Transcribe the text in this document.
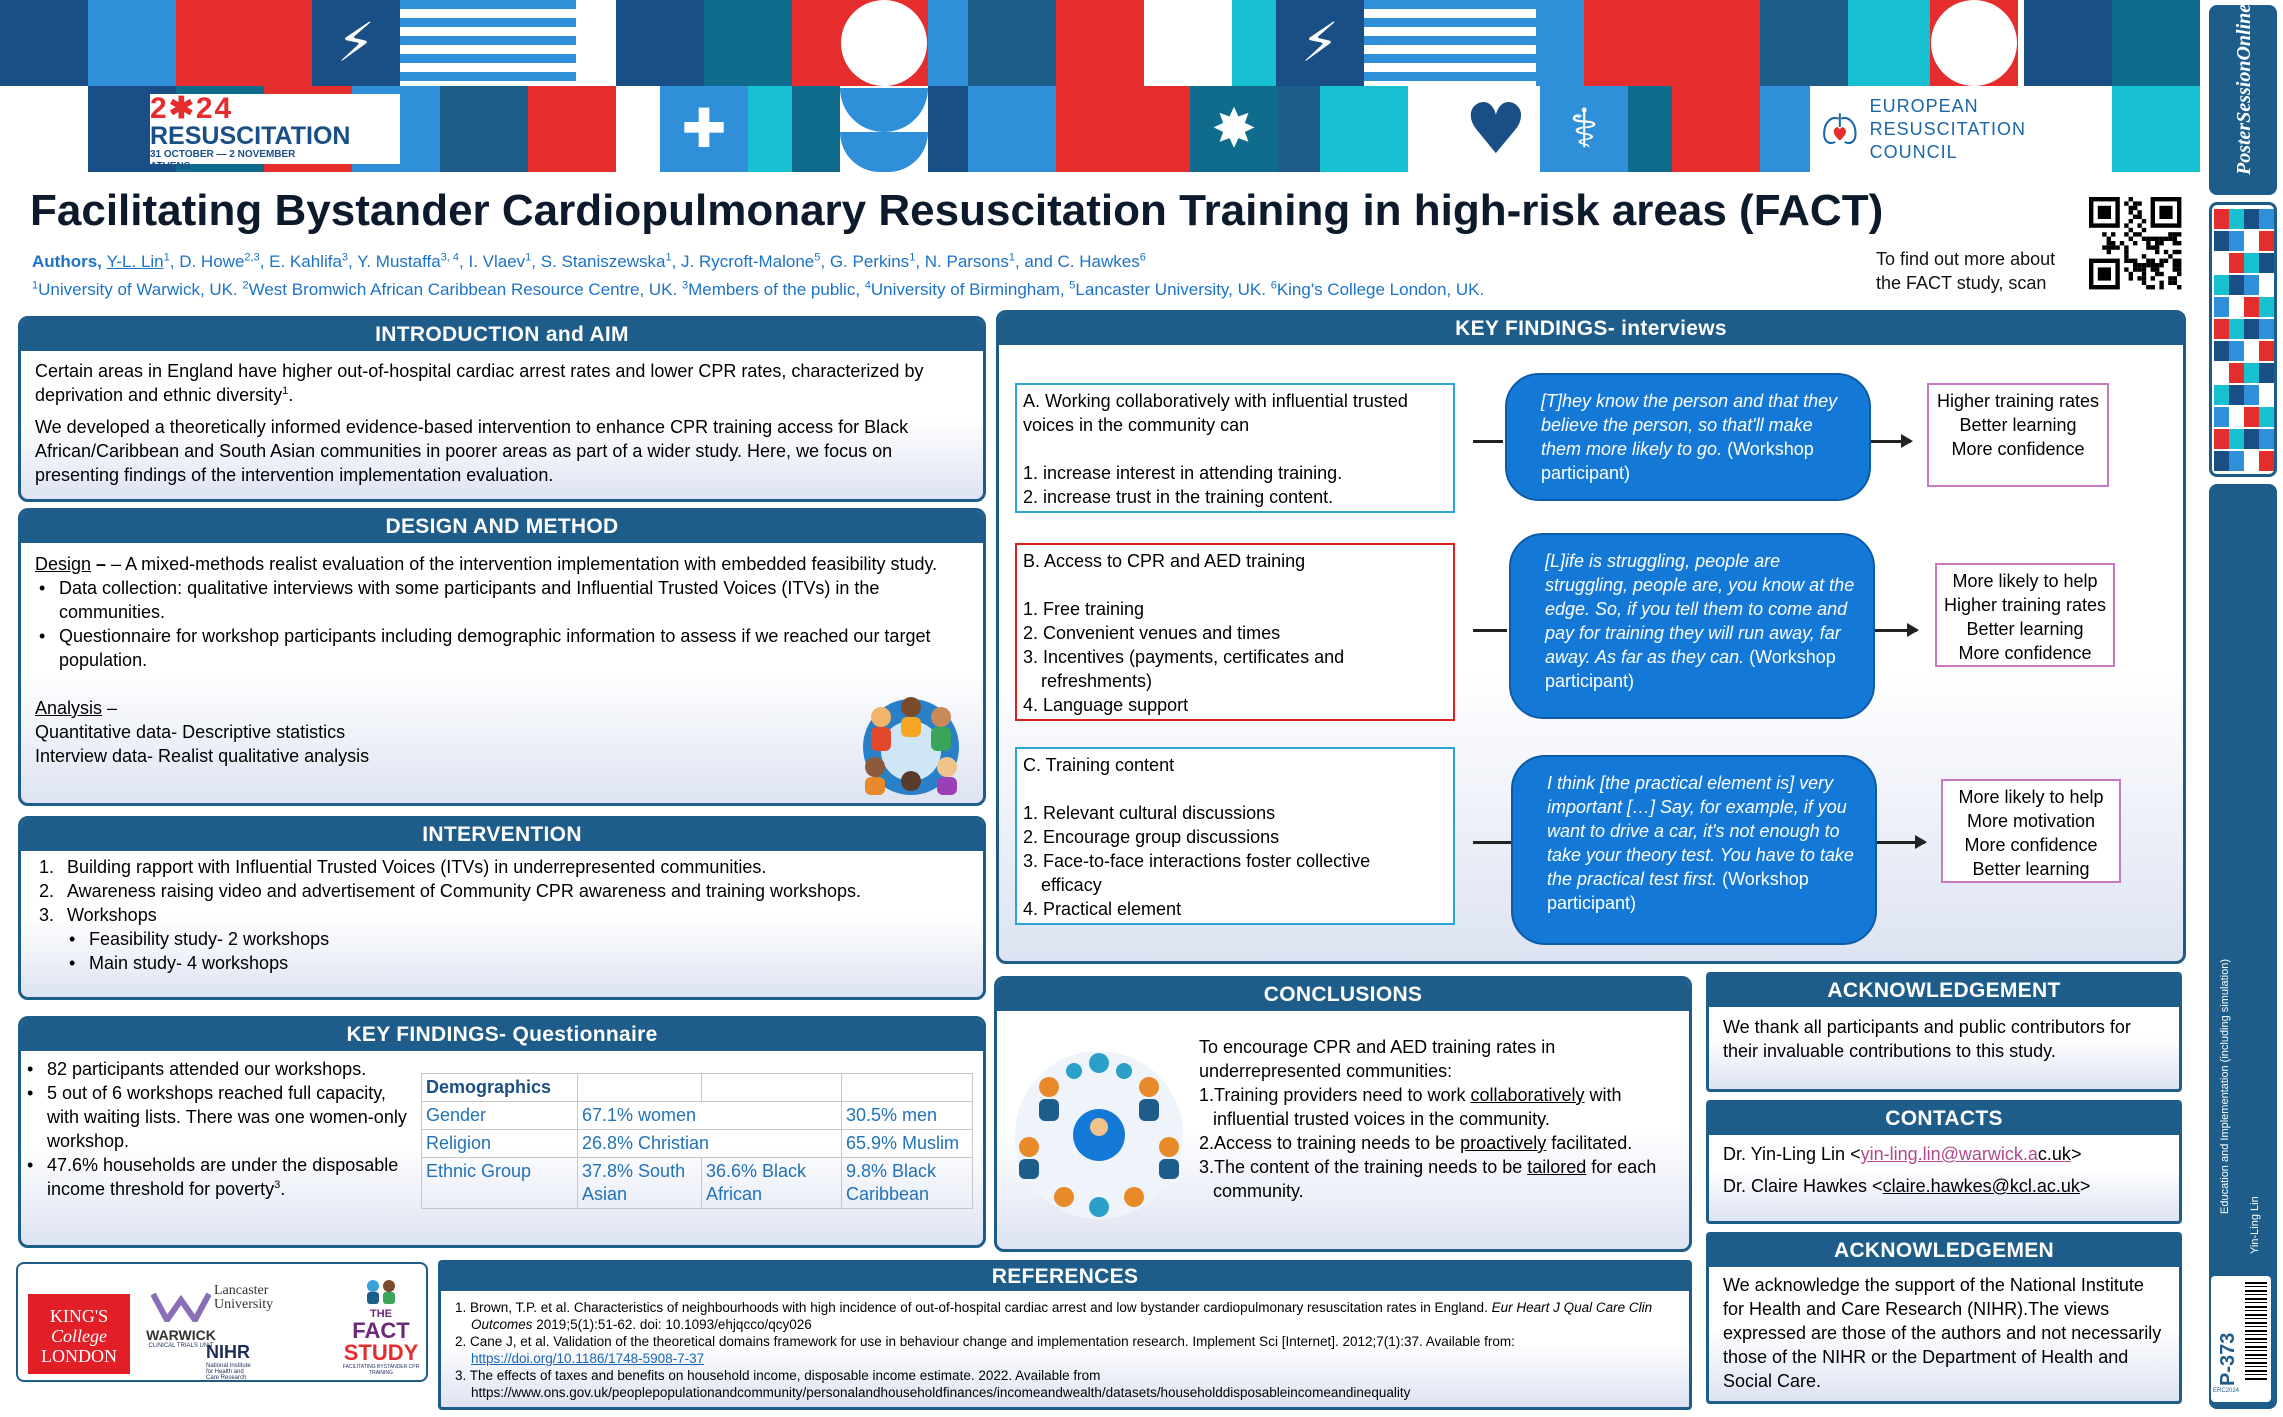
⚡	⚡
✚	✸	♥ ⚕
2✱24
RESUSCITATION
31 OCTOBER — 2 NOVEMBER
ATHENS
EUROPEAN
RESUSCITATION
COUNCIL
Facilitating Bystander Cardiopulmonary Resuscitation Training in high-risk areas (FACT)
Authors, Y-L. Lin$^1$, D. Howe$^{2,3}$, E. Kahlifa$^3$, Y. Mustaffa$^{3, 4}$, I. Vlaev$^1$, S. Staniszewska$^1$, J. Rycroft-Malone$^5$, G. Perkins$^1$, N. Parsons$^1$, and C. Hawkes$^6$
$^1$University of Warwick, UK. $^2$West Bromwich African Caribbean Resource Centre, UK. $^3$Members of the public, $^4$University of Birmingham, $^5$Lancaster University, UK. $^6$King's College London, UK.
To find out more about
the FACT study, scan
INTRODUCTION and AIM

Certain areas in England have higher out-of-hospital cardiac arrest rates and lower CPR rates, characterized by deprivation and ethnic diversity$^1$.

We developed a theoretically informed evidence-based intervention to enhance CPR training access for Black African/Caribbean and South Asian communities in poorer areas as part of a wider study. Here, we focus on presenting findings of the intervention implementation evaluation.

DESIGN AND METHOD
Design – – A mixed-methods realist evaluation of the intervention implementation with embedded feasibility study.
• Data collection: qualitative interviews with some participants and Influential Trusted Voices (ITVs) in the communities.
• Questionnaire for workshop participants including demographic information to assess if we reached our target population.
Analysis –
Quantitative data- Descriptive statistics
Interview data- Realist qualitative analysis
INTERVENTION
1. Building rapport with Influential Trusted Voices (ITVs) in underrepresented communities.
2. Awareness raising video and advertisement of Community CPR awareness and training workshops.
3. Workshops
• Feasibility study- 2 workshops
• Main study- 4 workshops
KEY FINDINGS- Questionnaire
• 82 participants attended our workshops.
• 5 out of 6 workshops reached full capacity, with waiting lists. There was one women-only workshop.
• 47.6% households are under the disposable income threshold for poverty$^3$.
Demographics			
Gender	67.1% women		30.5% men
Religion	26.8% Christian		65.9% Muslim
Ethnic Group	37.8% South Asian	36.6% Black African	9.8% Black Caribbean
KEY FINDINGS- interviews
A. Working collaboratively with influential trusted voices in the community can
1. increase interest in attending training.
2. increase trust in the training content.
[T]hey know the person and that they believe the person, so that'll make them more likely to go. (Workshop participant)
Higher training rates
Better learning
More confidence
B. Access to CPR and AED training
1. Free training
2. Convenient venues and times
3. Incentives (payments, certificates and
refreshments)
4. Language support
[L]ife is struggling, people are struggling, people are, you know at the edge. So, if you tell them to come and pay for training they will run away, far away. As far as they can. (Workshop participant)
More likely to help
Higher training rates
Better learning
More confidence
C. Training content
1. Relevant cultural discussions
2. Encourage group discussions
3. Face-to-face interactions foster collective
efficacy
4. Practical element
I think [the practical element is] very important […] Say, for example, if you want to drive a car, it's not enough to take your theory test. You have to take the practical test first. (Workshop participant)
More likely to help
More motivation
More confidence
Better learning
CONCLUSIONS
To encourage CPR and AED training rates in underrepresented communities:
1.Training providers need to work collaboratively with influential trusted voices in the community.
2.Access to training needs to be proactively facilitated.
3.The content of the training needs to be tailored for each community.
ACKNOWLEDGEMENT
We thank all participants and public contributors for their invaluable contributions to this study.
CONTACTS
Dr. Yin-Ling Lin <yin-ling.lin@warwick.ac.uk>
Dr. Claire Hawkes <claire.hawkes@kcl.ac.uk>
ACKNOWLEDGEMEN
We acknowledge the support of the National Institute for Health and Care Research (NIHR).The views expressed are those of the authors and not necessarily those of the NIHR or the Department of Health and Social Care.
REFERENCES
1. Brown, T.P. et al. Characteristics of neighbourhoods with high incidence of out-of-hospital cardiac arrest and low bystander cardiopulmonary resuscitation rates in England. Eur Heart J Qual Care Clin Outcomes 2019;5(1):51-62. doi: 10.1093/ehjqcco/qcy026
2. Cane J, et al. Validation of the theoretical domains framework for use in behaviour change and implementation research. Implement Sci [Internet]. 2012;7(1):37. Available from:
https://doi.org/10.1186/1748-5908-7-37
3. The effects of taxes and benefits on household income, disposable income estimate. 2022. Available from
https://www.ons.gov.uk/peoplepopulationandcommunity/personalandhouseholdfinances/incomeandwealth/datasets/householddisposableincomeandinequality
KING'S
College
LONDON
WARWICK
CLINICAL TRIALS UNIT
Lancaster
University
NIHR National Institute for Health and Care Research
THE
FACT
STUDY
FACILITATING BYSTANDER CPR TRAINING
PosterSessionOnline
Education and Implementation (including simulation)
Yin-Ling Lin
P-373
ERC2024
